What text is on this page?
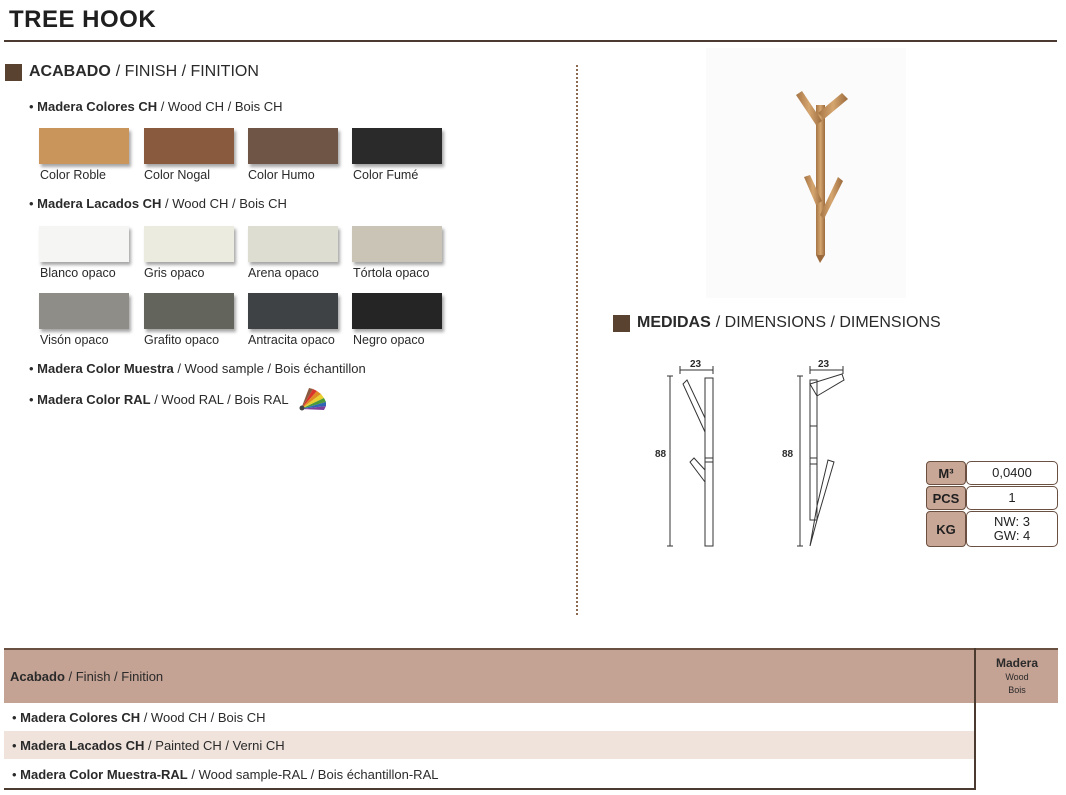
TREE HOOK
ACABADO / FINISH / FINITION
• Madera Colores CH / Wood CH / Bois CH
Color Roble	Color Nogal	Color Humo	Color Fumé
• Madera Lacados CH / Wood CH / Bois CH
Blanco opaco Gris opaco	Arena opaco	Tórtola opaco
Visón opaco	Grafito opaco Antracita opaco Negro opaco
• Madera Color Muestra / Wood sample / Bois échantillon
• Madera Color RAL / Wood RAL / Bois RAL
MEDIDAS / DIMENSIONS / DIMENSIONS
23
88
23
88
M³	0,0400
PCS	1
KG	NW: 3
GW: 4
Acabado / Finish / Finition
Madera
Wood
Bois
• Madera Colores CH / Wood CH / Bois CH
• Madera Lacados CH / Painted CH / Verni CH
• Madera Color Muestra-RAL / Wood sample-RAL / Bois échantillon-RAL
